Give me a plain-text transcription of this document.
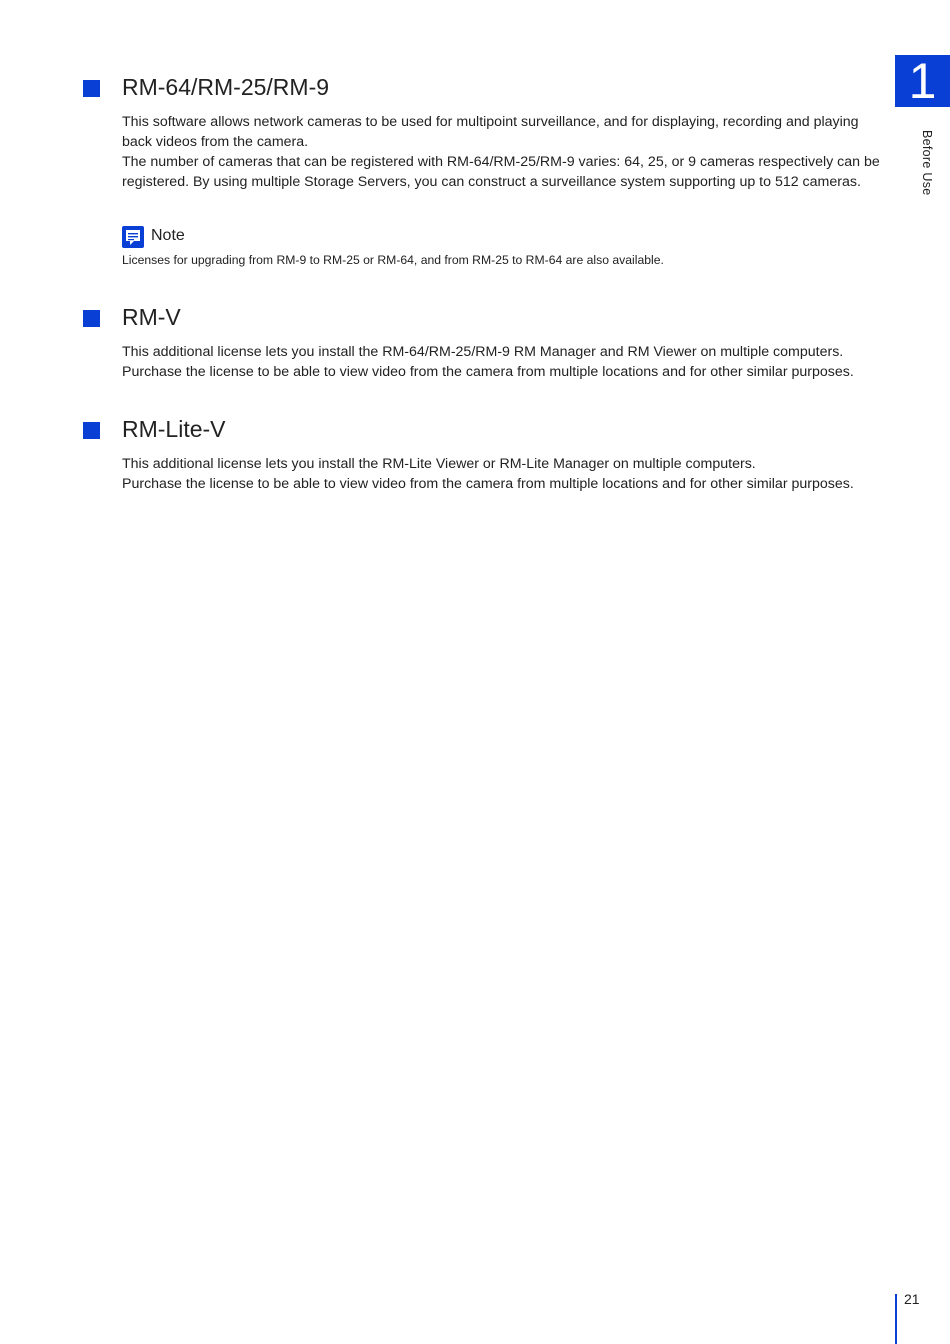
1
Before Use
RM-64/RM-25/RM-9

This software allows network cameras to be used for multipoint surveillance, and for displaying, recording and playing back videos from the camera.

The number of cameras that can be registered with RM-64/RM-25/RM-9 varies: 64, 25, or 9 cameras respectively can be registered. By using multiple Storage Servers, you can construct a surveillance system supporting up to 512 cameras.

Note
Licenses for upgrading from RM-9 to RM-25 or RM-64, and from RM-25 to RM-64 are also available.
RM-V

This additional license lets you install the RM-64/RM-25/RM-9 RM Manager and RM Viewer on multiple computers.

Purchase the license to be able to view video from the camera from multiple locations and for other similar purposes.

RM-Lite-V

This additional license lets you install the RM-Lite Viewer or RM-Lite Manager on multiple computers.

Purchase the license to be able to view video from the camera from multiple locations and for other similar purposes.

21
